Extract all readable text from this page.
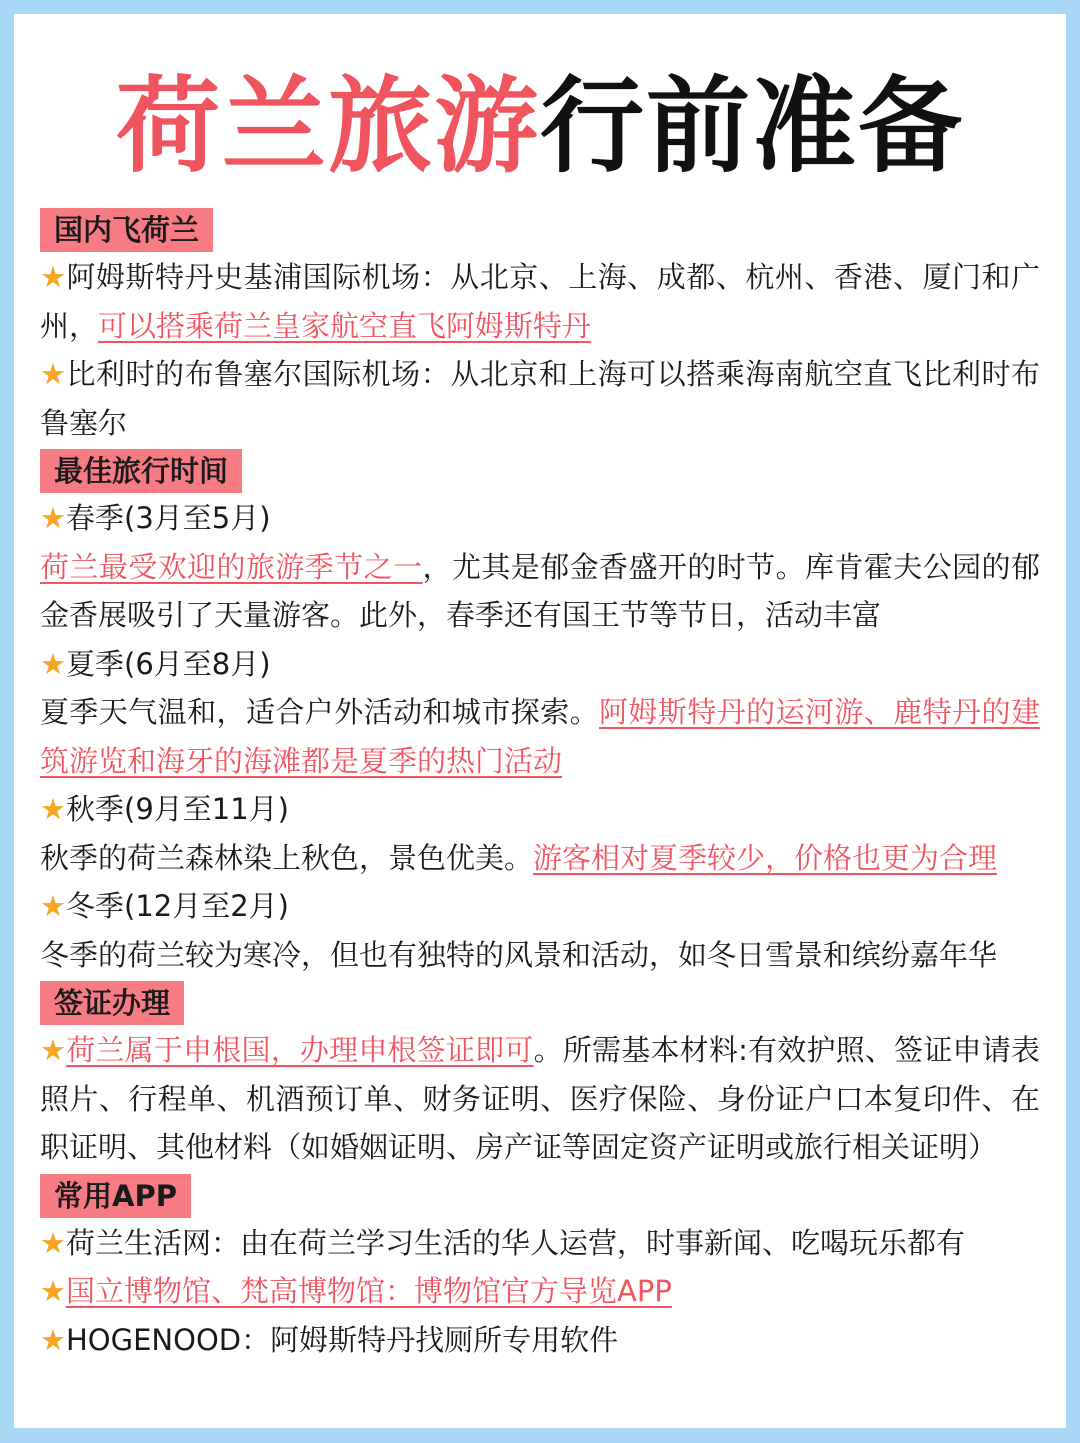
荷兰旅游行前准备
国内飞荷兰
★阿姆斯特丹史基浦国际机场：从北京、上海、成都、杭州、香港、厦门和广州，可以搭乘荷兰皇家航空直飞阿姆斯特丹
★比利时的布鲁塞尔国际机场：从北京和上海可以搭乘海南航空直飞比利时布鲁塞尔
最佳旅行时间
★春季(3月至5月)
荷兰最受欢迎的旅游季节之一，尤其是郁金香盛开的时节。库肯霍夫公园的郁金香展吸引了天量游客。此外，春季还有国王节等节日，活动丰富
★夏季(6月至8月)
夏季天气温和，适合户外活动和城市探索。阿姆斯特丹的运河游、鹿特丹的建筑游览和海牙的海滩都是夏季的热门活动
★秋季(9月至11月)
秋季的荷兰森林染上秋色，景色优美。游客相对夏季较少，价格也更为合理
★冬季(12月至2月)
冬季的荷兰较为寒冷，但也有独特的风景和活动，如冬日雪景和缤纷嘉年华
签证办理
★荷兰属于申根国，办理申根签证即可。所需基本材料:有效护照、签证申请表照片、行程单、机酒预订单、财务证明、医疗保险、身份证户口本复印件、在职证明、其他材料（如婚姻证明、房产证等固定资产证明或旅行相关证明）
常用APP
★荷兰生活网：由在荷兰学习生活的华人运营，时事新闻、吃喝玩乐都有
★国立博物馆、梵高博物馆：博物馆官方导览APP
★HOGENOOD：阿姆斯特丹找厕所专用软件
